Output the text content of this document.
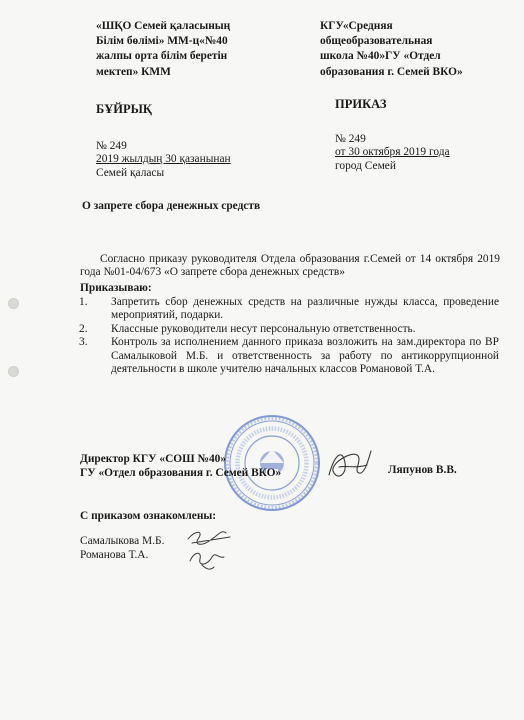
«ШҚО Семей қаласының
Білім бөлімі» ММ-ц«№40
жалпы орта білім беретін
мектеп» КММ
БҰЙРЫҚ
№ 249
2019 жылдың 30 қазанынан
Семей қаласы
КГУ«Средняя
общеобразовательная
школа №40»ГУ «Отдел
образования г. Семей ВКО»
ПРИКАЗ
№ 249
от 30 октября 2019 года
город Семей
О запрете сбора денежных средств
Согласно приказу руководителя Отдела образования г.Семей от 14 октября 2019 года №01-04/673 «О запрете сбора денежных средств»
Приказываю:
1. Запретить сбор денежных средств на различные нужды класса, проведение мероприятий, подарки.
2. Классные руководители несут персональную ответственность.
3. Контроль за исполнением данного приказа возложить на зам.директора по ВР Самалыковой М.Б. и ответственность за работу по антикоррупционной деятельности в школе учителю начальных классов Романовой Т.А.
Директор КГУ «СОШ №40»
ГУ «Отдел образования г. Семей ВКО»	Ляпунов В.В.
С приказом ознакомлены:
Самалыкова М.Б.
Романова Т.А.
